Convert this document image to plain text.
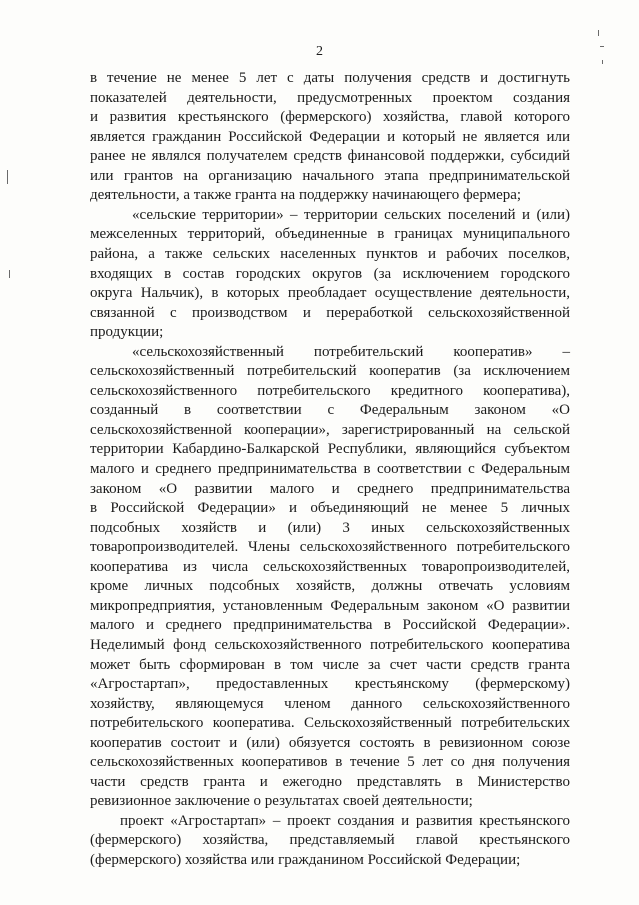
2
в течение не менее 5 лет с даты получения средств и достигнуть
показателей деятельности, предусмотренных проектом создания
и развития крестьянского (фермерского) хозяйства, главой которого
является гражданин Российской Федерации и который не является или
ранее не являлся получателем средств финансовой поддержки, субсидий
или грантов на организацию начального этапа предпринимательской
деятельности, а также гранта на поддержку начинающего фермера;
«сельские территории» – территории сельских поселений и (или)
межселенных территорий, объединенные в границах муниципального
района, а также сельских населенных пунктов и рабочих поселков,
входящих в состав городских округов (за исключением городского
округа Нальчик), в которых преобладает осуществление деятельности,
связанной с производством и переработкой сельскохозяйственной
продукции;
«сельскохозяйственный потребительский кооператив» –
сельскохозяйственный потребительский кооператив (за исключением
сельскохозяйственного потребительского кредитного кооператива),
созданный в соответствии с Федеральным законом «О
сельскохозяйственной кооперации», зарегистрированный на сельской
территории Кабардино-Балкарской Республики, являющийся субъектом
малого и среднего предпринимательства в соответствии с Федеральным
законом «О развитии малого и среднего предпринимательства
в Российской Федерации» и объединяющий не менее 5 личных
подсобных хозяйств и (или) 3 иных сельскохозяйственных
товаропроизводителей. Члены сельскохозяйственного потребительского
кооператива из числа сельскохозяйственных товаропроизводителей,
кроме личных подсобных хозяйств, должны отвечать условиям
микропредприятия, установленным Федеральным законом «О развитии
малого и среднего предпринимательства в Российской Федерации».
Неделимый фонд сельскохозяйственного потребительского кооператива
может быть сформирован в том числе за счет части средств гранта
«Агростартап», предоставленных крестьянскому (фермерскому)
хозяйству, являющемуся членом данного сельскохозяйственного
потребительского кооператива. Сельскохозяйственный потребительских
кооператив состоит и (или) обязуется состоять в ревизионном союзе
сельскохозяйственных кооперативов в течение 5 лет со дня получения
части средств гранта и ежегодно представлять в Министерство
ревизионное заключение о результатах своей деятельности;
проект «Агростартап» – проект создания и развития крестьянского
(фермерского) хозяйства, представляемый главой крестьянского
(фермерского) хозяйства или гражданином Российской Федерации;
